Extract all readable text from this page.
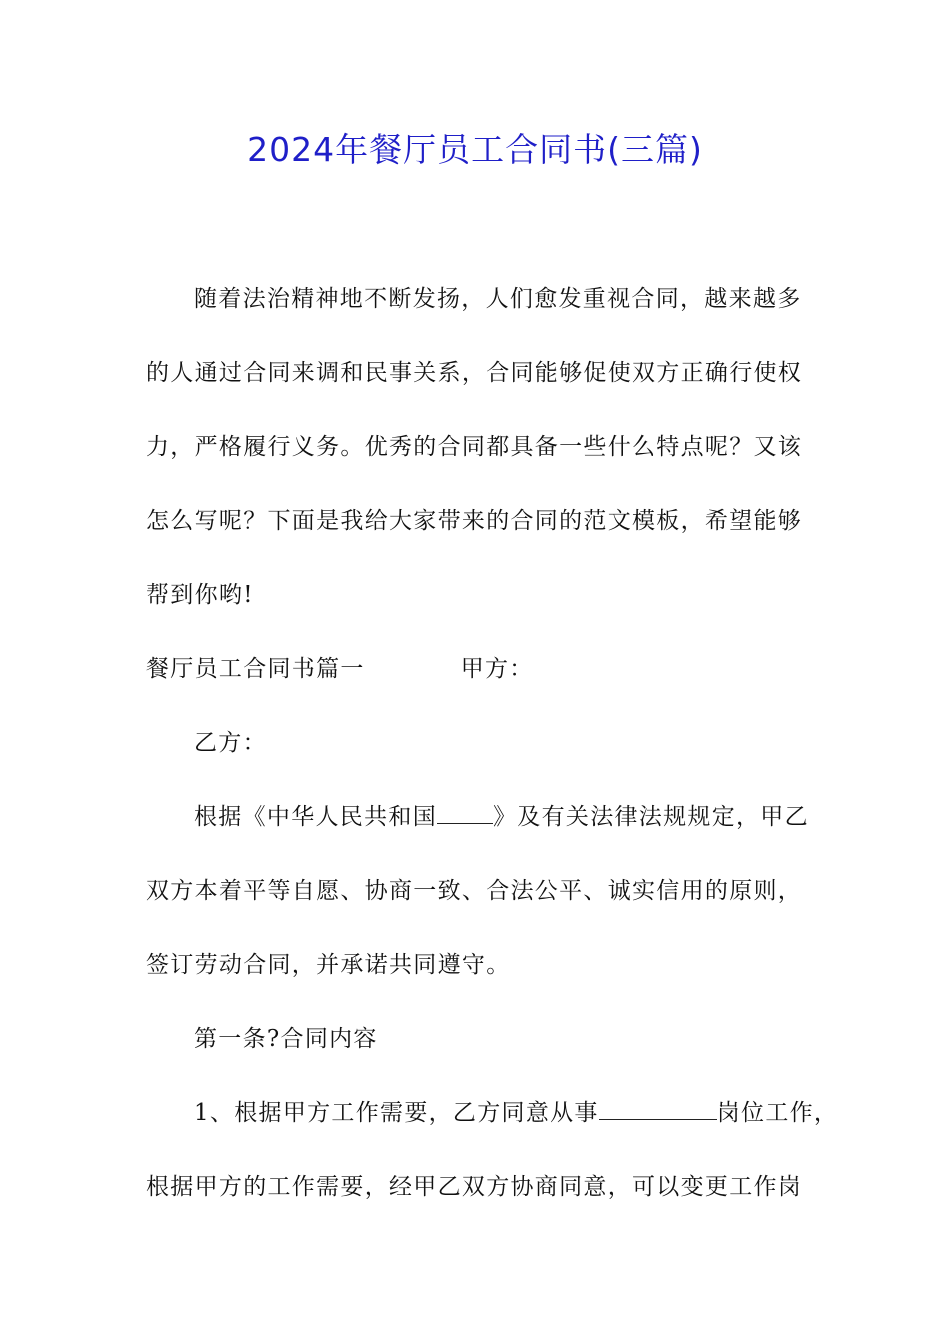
2024年餐厅员工合同书(三篇)
随着法治精神地不断发扬，人们愈发重视合同，越来越多
的人通过合同来调和民事关系，合同能够促使双方正确行使权
力，严格履行义务。优秀的合同都具备一些什么特点呢？又该
怎么写呢？下面是我给大家带来的合同的范文模板，希望能够
帮到你哟!
餐厅员工合同书篇一	甲方：
乙方：
根据《中华人民共和国 》及有关法律法规规定，甲乙
双方本着平等自愿、协商一致、合法公平、诚实信用的原则，
签订劳动合同，并承诺共同遵守。
第一条?合同内容
1、根据甲方工作需要，乙方同意从事	岗位工作，
根据甲方的工作需要，经甲乙双方协商同意，可以变更工作岗
